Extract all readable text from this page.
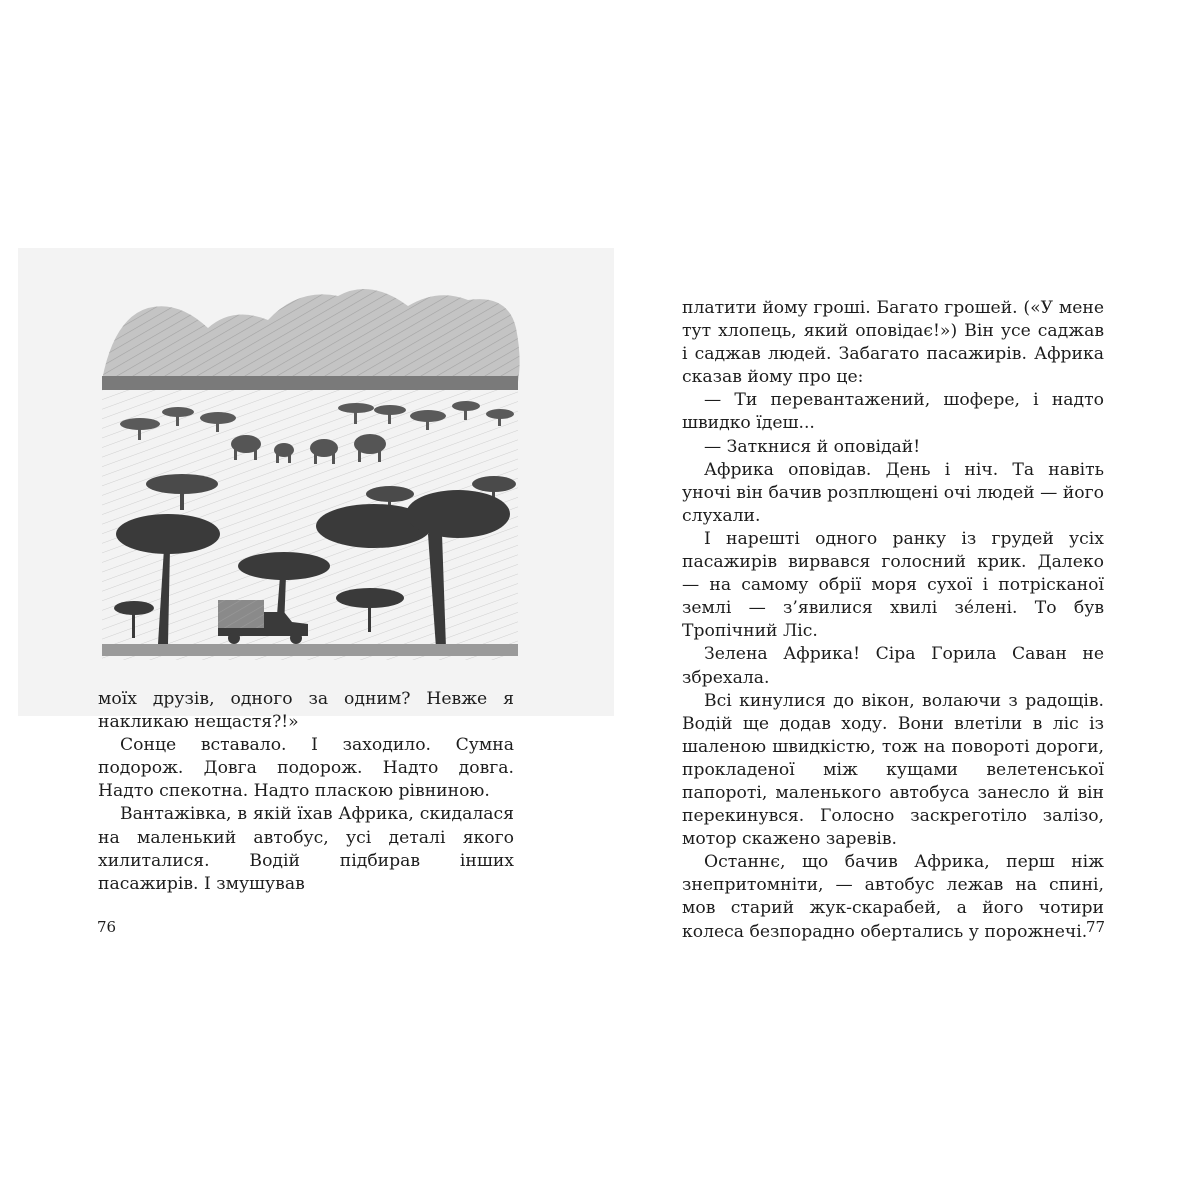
моїх друзів, одного за одним? Невже я накликаю нещастя?!»

Сонце вставало. І заходило. Сумна подорож. Довга подорож. Надто довга. Надто спекотна. Надто пласкою рівниною.

Вантажівка, в якій їхав Африка, скидалася на маленький автобус, усі деталі якого хилиталися. Водій підбирав інших пасажирів. І змушував

76	77

платити йому гроші. Багато грошей. («У мене тут хлопець, який оповідає!») Він усе саджав і саджав людей. Забагато пасажирів. Африка сказав йому про це:

— Ти перевантажений, шофере, і надто швидко їдеш...

— Заткнися й оповідай!

Африка оповідав. День і ніч. Та навіть уночі він бачив розплющені очі людей — його слухали.

І нарешті одного ранку із грудей усіх пасажирів вирвався голосний крик. Далеко — на самому обрії моря сухої і потрісканої землі — з’явилися хвилі зе́лені. То був Тропічний Ліс.

Зелена Африка! Сіра Горила Саван не збрехала.

Всі кинулися до вікон, волаючи з радощів. Водій ще додав ходу. Вони влетіли в ліс із шаленою швидкістю, тож на повороті дороги, прокладеної між кущами велетенської папороті, маленького автобуса занесло й він перекинувся. Голосно заскреготіло залізо, мотор скажено заревів.

Останнє, що бачив Африка, перш ніж знепритомніти, — автобус лежав на спині, мов старий жук-скарабей, а його чотири колеса безпорадно обертались у порожнечі.
